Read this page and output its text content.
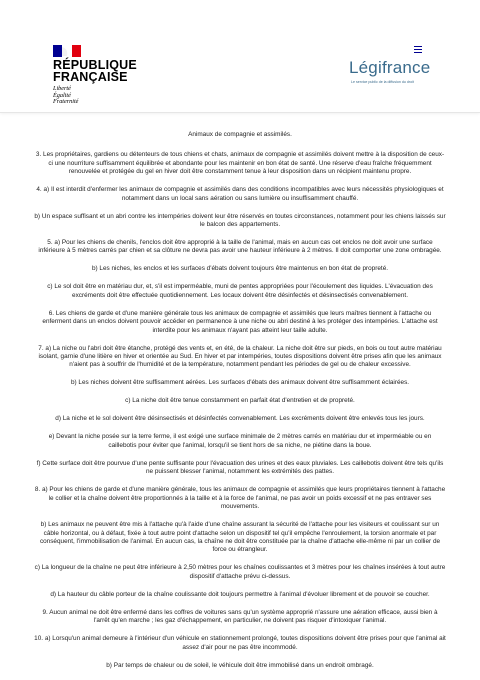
RÉPUBLIQUE
FRANÇAISE
Liberté
Égalité
Fraternité
Légifrance
Le service public de la diffusion du droit
Animaux de compagnie et assimilés.

3. Les propriétaires, gardiens ou détenteurs de tous chiens et chats, animaux de compagnie et assimilés doivent mettre à la disposition de ceux-ci une nourriture suffisamment équilibrée et abondante pour les maintenir en bon état de santé. Une réserve d'eau fraîche fréquemment renouvelée et protégée du gel en hiver doit être constamment tenue à leur disposition dans un récipient maintenu propre.

4. a) Il est interdit d'enfermer les animaux de compagnie et assimilés dans des conditions incompatibles avec leurs nécessités physiologiques et notamment dans un local sans aération ou sans lumière ou insuffisamment chauffé.

b) Un espace suffisant et un abri contre les intempéries doivent leur être réservés en toutes circonstances, notamment pour les chiens laissés sur le balcon des appartements.

5. a) Pour les chiens de chenils, l'enclos doit être approprié à la taille de l'animal, mais en aucun cas cet enclos ne doit avoir une surface inférieure à 5 mètres carrés par chien et sa clôture ne devra pas avoir une hauteur inférieure à 2 mètres. Il doit comporter une zone ombragée.

b) Les niches, les enclos et les surfaces d'ébats doivent toujours être maintenus en bon état de propreté.

c) Le sol doit être en matériau dur, et, s'il est imperméable, muni de pentes appropriées pour l'écoulement des liquides. L'évacuation des excréments doit être effectuée quotidiennement. Les locaux doivent être désinfectés et désinsectisés convenablement.

6. Les chiens de garde et d'une manière générale tous les animaux de compagnie et assimilés que leurs maîtres tiennent à l'attache ou enferment dans un enclos doivent pouvoir accéder en permanence à une niche ou abri destiné à les protéger des intempéries. L'attache est interdite pour les animaux n'ayant pas atteint leur taille adulte.

7. a) La niche ou l'abri doit être étanche, protégé des vents et, en été, de la chaleur. La niche doit être sur pieds, en bois ou tout autre matériau isolant, garnie d'une litière en hiver et orientée au Sud. En hiver et par intempéries, toutes dispositions doivent être prises afin que les animaux n'aient pas à souffrir de l'humidité et de la température, notamment pendant les périodes de gel ou de chaleur excessive.

b) Les niches doivent être suffisamment aérées. Les surfaces d'ébats des animaux doivent être suffisamment éclairées.

c) La niche doit être tenue constamment en parfait état d'entretien et de propreté.

d) La niche et le sol doivent être désinsectisés et désinfectés convenablement. Les excréments doivent être enlevés tous les jours.

e) Devant la niche posée sur la terre ferme, il est exigé une surface minimale de 2 mètres carrés en matériau dur et imperméable ou en caillebotis pour éviter que l'animal, lorsqu'il se tient hors de sa niche, ne piétine dans la boue.

f) Cette surface doit être pourvue d'une pente suffisante pour l'évacuation des urines et des eaux pluviales. Les caillebotis doivent être tels qu'ils ne puissent blesser l'animal, notamment les extrémités des pattes.

8. a) Pour les chiens de garde et d'une manière générale, tous les animaux de compagnie et assimilés que leurs propriétaires tiennent à l'attache le collier et la chaîne doivent être proportionnés à la taille et à la force de l'animal, ne pas avoir un poids excessif et ne pas entraver ses mouvements.

b) Les animaux ne peuvent être mis à l'attache qu'à l'aide d'une chaîne assurant la sécurité de l'attache pour les visiteurs et coulissant sur un câble horizontal, ou à défaut, fixée à tout autre point d'attache selon un dispositif tel qu'il empêche l'enroulement, la torsion anormale et par conséquent, l'immobilisation de l'animal. En aucun cas, la chaîne ne doit être constituée par la chaîne d'attache elle-même ni par un collier de force ou étrangleur.

c) La longueur de la chaîne ne peut être inférieure à 2,50 mètres pour les chaînes coulissantes et 3 mètres pour les chaînes insérées à tout autre dispositif d'attache prévu ci-dessus.

d) La hauteur du câble porteur de la chaîne coulissante doit toujours permettre à l'animal d'évoluer librement et de pouvoir se coucher.

9. Aucun animal ne doit être enfermé dans les coffres de voitures sans qu'un système approprié n'assure une aération efficace, aussi bien à l'arrêt qu'en marche ; les gaz d'échappement, en particulier, ne doivent pas risquer d'intoxiquer l'animal.

10. a) Lorsqu'un animal demeure à l'intérieur d'un véhicule en stationnement prolongé, toutes dispositions doivent être prises pour que l'animal ait assez d'air pour ne pas être incommodé.

b) Par temps de chaleur ou de soleil, le véhicule doit être immobilisé dans un endroit ombragé.
